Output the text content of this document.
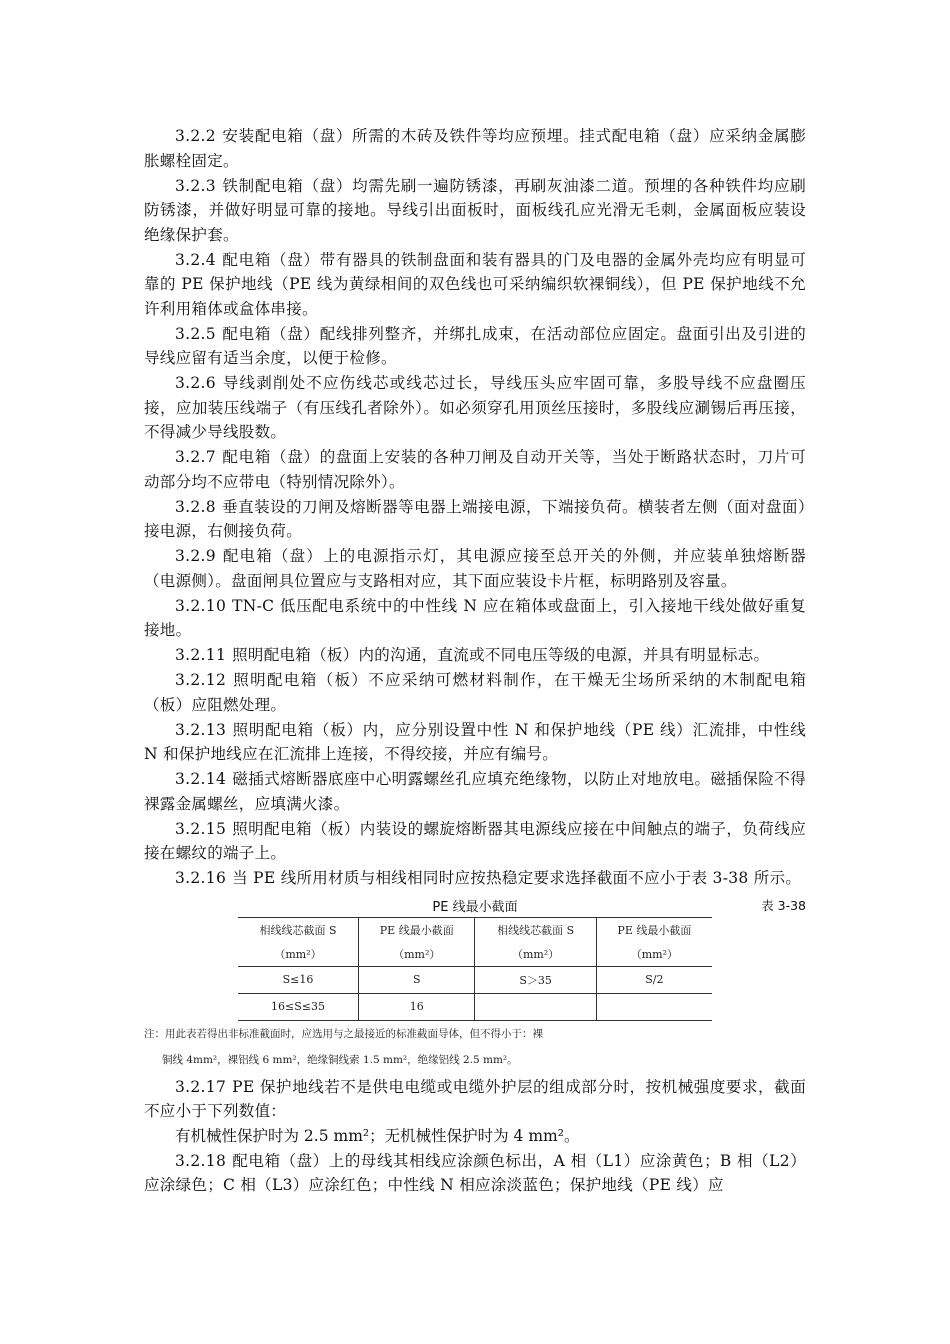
3.2.2 安装配电箱（盘）所需的木砖及铁件等均应预埋。挂式配电箱（盘）应采纳金属膨胀螺栓固定。

3.2.3 铁制配电箱（盘）均需先刷一遍防锈漆，再刷灰油漆二道。预埋的各种铁件均应刷防锈漆，并做好明显可靠的接地。导线引出面板时，面板线孔应光滑无毛刺，金属面板应装设绝缘保护套。

3.2.4 配电箱（盘）带有器具的铁制盘面和装有器具的门及电器的金属外壳均应有明显可靠的 PE 保护地线（PE 线为黄绿相间的双色线也可采纳编织软裸铜线），但 PE 保护地线不允许利用箱体或盒体串接。

3.2.5 配电箱（盘）配线排列整齐，并绑扎成束，在活动部位应固定。盘面引出及引进的导线应留有适当余度，以便于检修。

3.2.6 导线剥削处不应伤线芯或线芯过长，导线压头应牢固可靠，多股导线不应盘圈压接，应加装压线端子（有压线孔者除外）。如必须穿孔用顶丝压接时，多股线应涮锡后再压接，不得减少导线股数。

3.2.7 配电箱（盘）的盘面上安装的各种刀闸及自动开关等，当处于断路状态时，刀片可动部分均不应带电（特别情况除外）。

3.2.8 垂直装设的刀闸及熔断器等电器上端接电源，下端接负荷。横装者左侧（面对盘面）接电源，右侧接负荷。

3.2.9 配电箱（盘）上的电源指示灯，其电源应接至总开关的外侧，并应装单独熔断器（电源侧）。盘面闸具位置应与支路相对应，其下面应装设卡片框，标明路别及容量。

3.2.10 TN-C 低压配电系统中的中性线 N 应在箱体或盘面上，引入接地干线处做好重复接地。

3.2.11 照明配电箱（板）内的沟通，直流或不同电压等级的电源，并具有明显标志。

3.2.12 照明配电箱（板）不应采纳可燃材料制作，在干燥无尘场所采纳的木制配电箱（板）应阻燃处理。

3.2.13 照明配电箱（板）内，应分别设置中性 N 和保护地线（PE 线）汇流排，中性线 N 和保护地线应在汇流排上连接，不得绞接，并应有编号。

3.2.14 磁插式熔断器底座中心明露螺丝孔应填充绝缘物，以防止对地放电。磁插保险不得裸露金属螺丝，应填满火漆。

3.2.15 照明配电箱（板）内装设的螺旋熔断器其电源线应接在中间触点的端子，负荷线应接在螺纹的端子上。

3.2.16 当 PE 线所用材质与相线相同时应按热稳定要求选择截面不应小于表 3-38 所示。

PE 线最小截面	表 3-38
相线线芯截面 S	PE 线最小截面	相线线芯截面 S	PE 线最小截面
（mm²）	（mm²）	（mm²）	（mm²）
S≤16	S	S＞35	S/2
16≤S≤35	16		

注：用此表若得出非标准截面时，应选用与之最接近的标准截面导体，但不得小于：裸

铜线 4mm²，裸铝线 6 mm²，绝缘铜线索 1.5 mm²，绝缘铝线 2.5 mm²。

3.2.17 PE 保护地线若不是供电电缆或电缆外护层的组成部分时，按机械强度要求，截面不应小于下列数值：

有机械性保护时为 2.5 mm²；无机械性保护时为 4 mm²。

3.2.18 配电箱（盘）上的母线其相线应涂颜色标出，A 相（L1）应涂黄色；B 相（L2）应涂绿色；C 相（L3）应涂红色；中性线 N 相应涂淡蓝色；保护地线（PE 线）应
